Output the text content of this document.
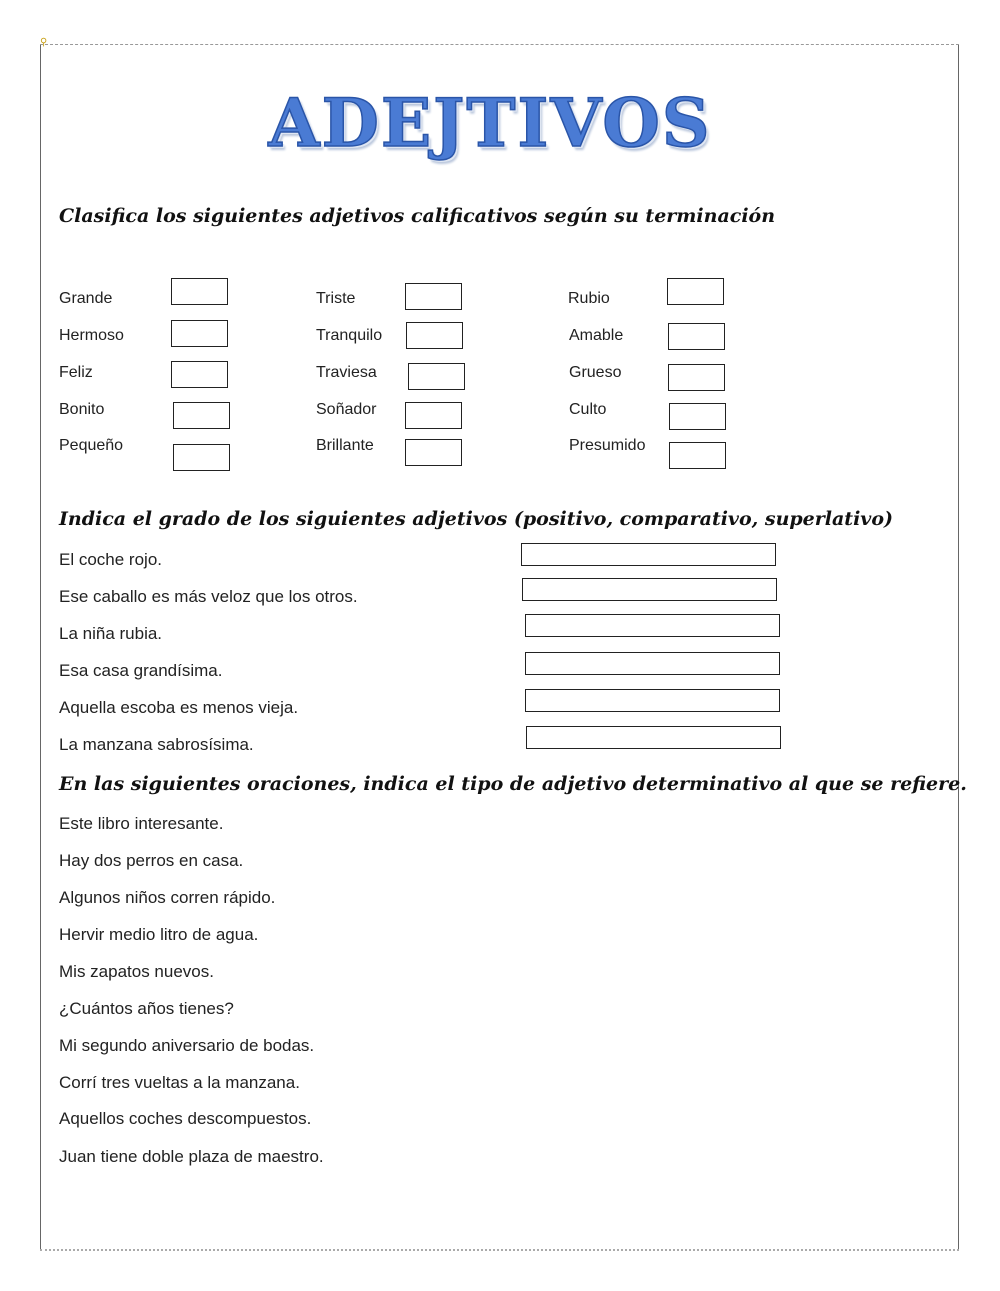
⚲
ADEJTIVOS
Clasifica los siguientes adjetivos calificativos según su terminación
Grande
Hermoso
Feliz
Bonito
Pequeño
Triste
Tranquilo
Traviesa
Soñador
Brillante
Rubio
Amable
Grueso
Culto
Presumido
Indica el grado de los siguientes adjetivos (positivo, comparativo, superlativo)
El coche rojo.
Ese caballo es más veloz que los otros.
La niña rubia.
Esa casa grandísima.
Aquella escoba es menos vieja.
La manzana sabrosísima.
En las siguientes oraciones, indica el tipo de adjetivo determinativo al que se refiere.
Este libro interesante.
Hay dos perros en casa.
Algunos niños corren rápido.
Hervir medio litro de agua.
Mis zapatos nuevos.
¿Cuántos años tienes?
Mi segundo aniversario de bodas.
Corrí tres vueltas a la manzana.
Aquellos coches descompuestos.
Juan tiene doble plaza de maestro.
